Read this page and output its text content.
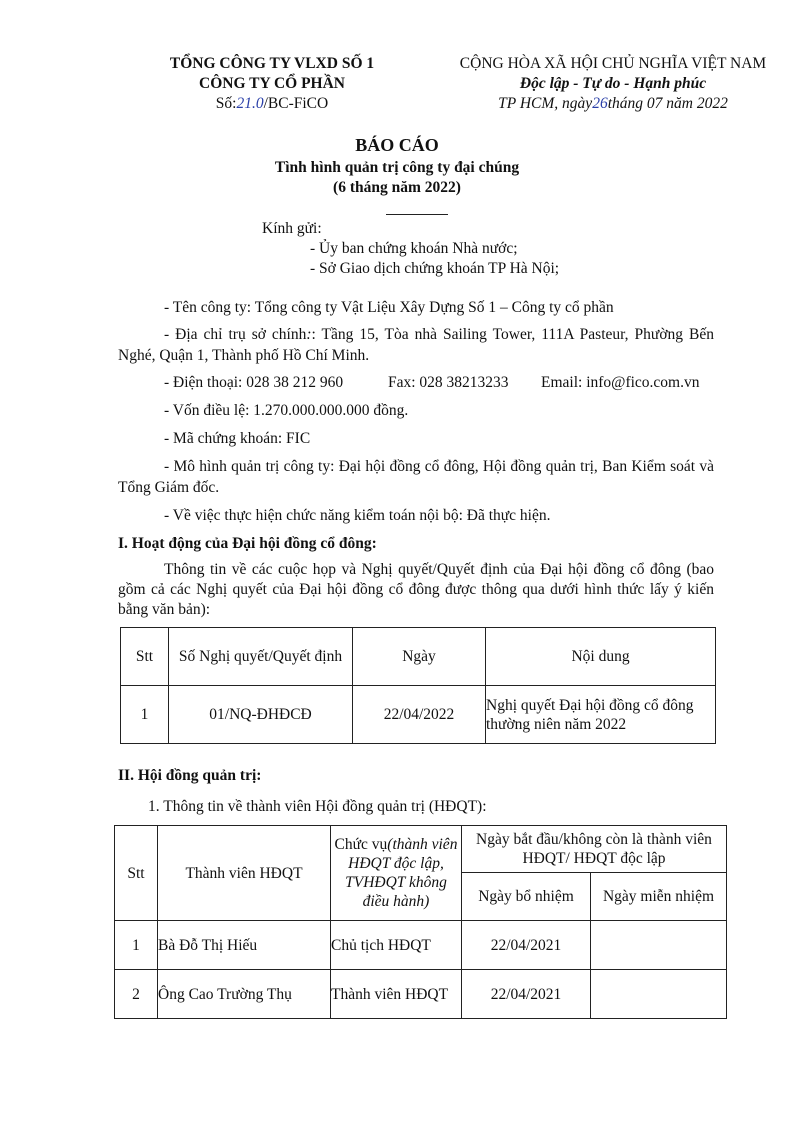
TỔNG CÔNG TY VLXD SỐ 1
CÔNG TY CỔ PHẦN
Số:21.0/BC-FiCO
CỘNG HÒA XÃ HỘI CHỦ NGHĨA VIỆT NAM
Độc lập - Tự do - Hạnh phúc
TP HCM, ngày26tháng 07 năm 2022
BÁO CÁO
Tình hình quản trị công ty đại chúng
(6 tháng năm 2022)
Kính gửi:
- Ủy ban chứng khoán Nhà nước;
- Sở Giao dịch chứng khoán TP Hà Nội;
- Tên công ty: Tổng công ty Vật Liệu Xây Dựng Số 1 – Công ty cổ phần
- Địa chỉ trụ sở chính:: Tầng 15, Tòa nhà Sailing Tower, 111A Pasteur, Phường Bến Nghé, Quận 1, Thành phố Hồ Chí Minh.
- Điện thoại: 028 38 212 960	Fax: 028 38213233 Email: info@fico.com.vn
- Vốn điều lệ: 1.270.000.000.000 đồng.
- Mã chứng khoán: FIC
- Mô hình quản trị công ty: Đại hội đồng cổ đông, Hội đồng quản trị, Ban Kiểm soát và Tổng Giám đốc.
- Về việc thực hiện chức năng kiểm toán nội bộ: Đã thực hiện.
I. Hoạt động của Đại hội đồng cổ đông:
Thông tin về các cuộc họp và Nghị quyết/Quyết định của Đại hội đồng cổ đông (bao gồm cả các Nghị quyết của Đại hội đồng cổ đông được thông qua dưới hình thức lấy ý kiến bằng văn bản):
Stt	Số Nghị quyết/Quyết định	Ngày	Nội dung
1	01/NQ-ĐHĐCĐ	22/04/2022	Nghị quyết Đại hội đồng cổ đông thường niên năm 2022
II. Hội đồng quản trị:
1. Thông tin về thành viên Hội đồng quản trị (HĐQT):
Stt	Thành viên HĐQT	Chức vụ(thành viên HĐQT độc lập, TVHĐQT không điều hành)	Ngày bắt đầu/không còn là thành viên HĐQT/ HĐQT độc lập	
			Ngày bổ nhiệm	Ngày miễn nhiệm
1	Bà Đỗ Thị Hiếu	Chủ tịch HĐQT	22/04/2021	
2	Ông Cao Trường Thụ	Thành viên HĐQT	22/04/2021	
